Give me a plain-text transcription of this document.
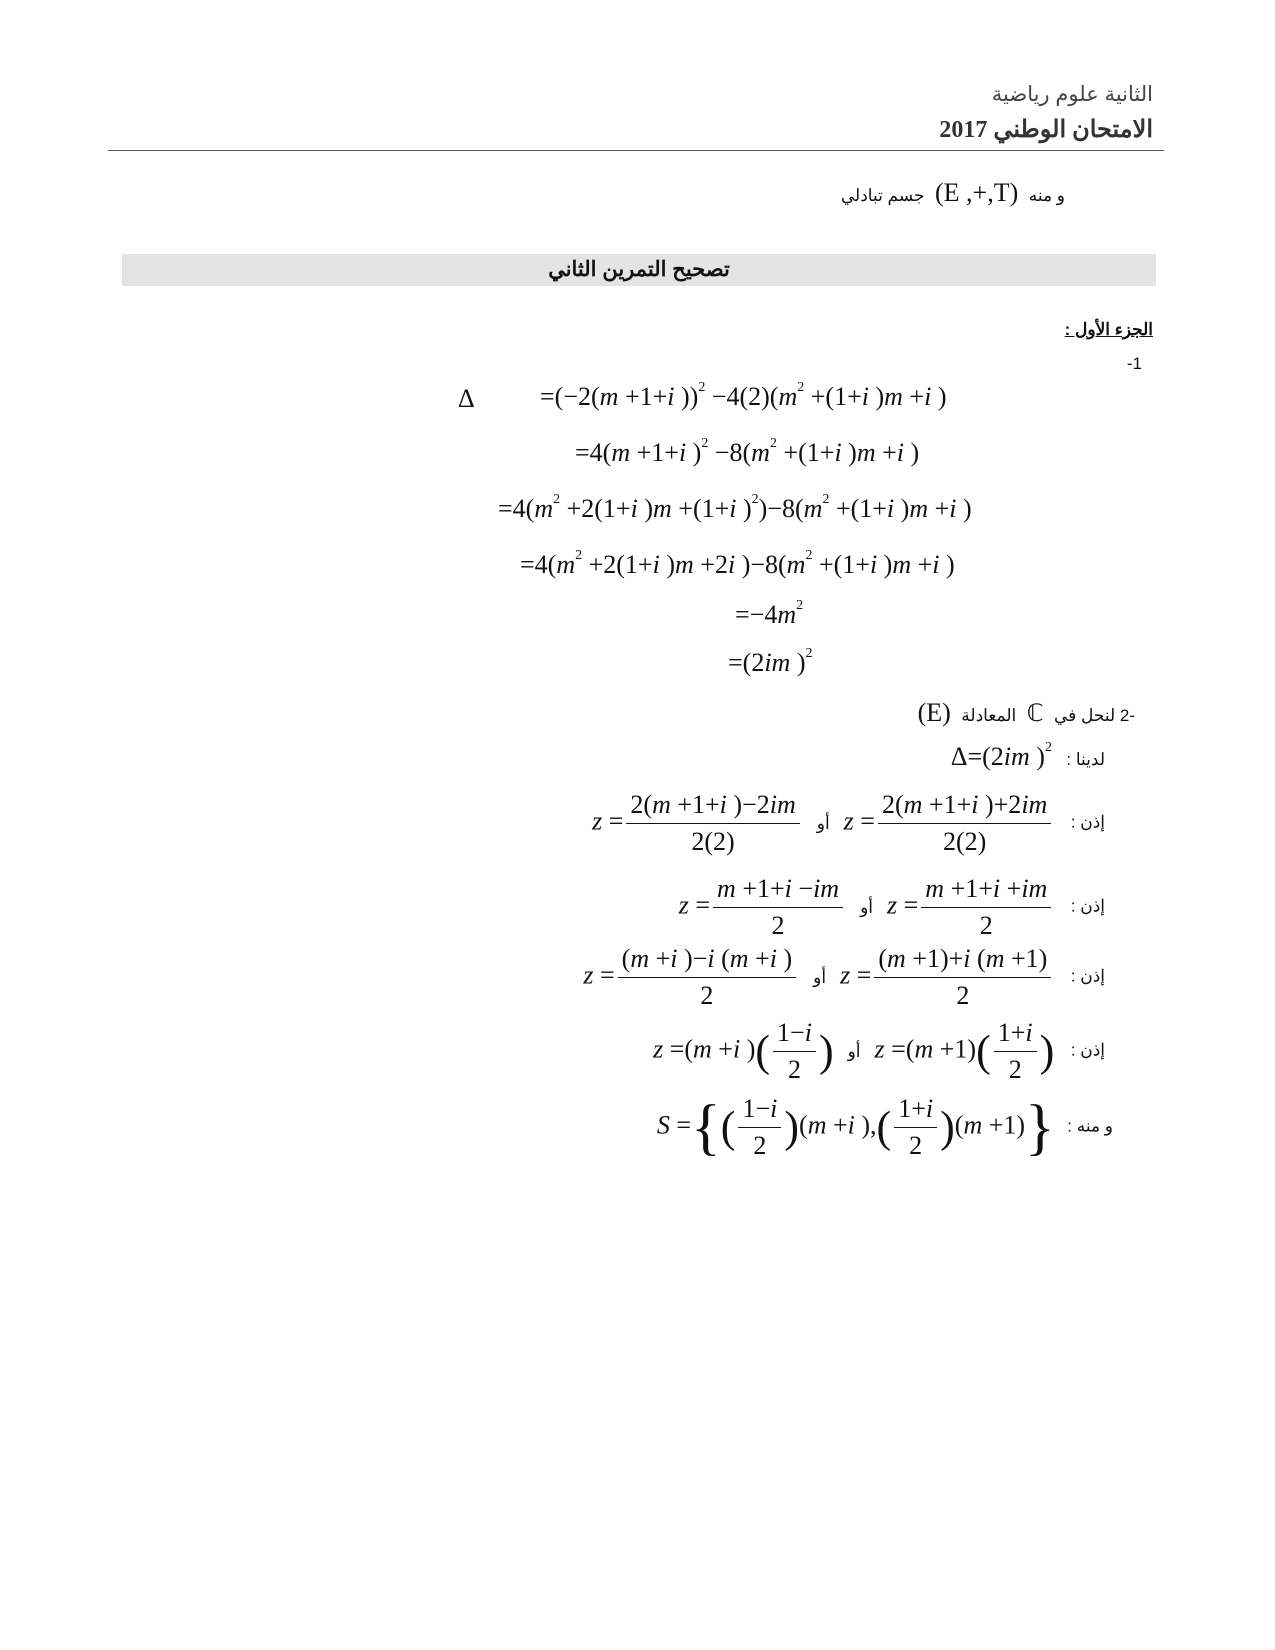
الثانية علوم رياضية
الامتحان الوطني 2017
و منه (E ,+,T) جسم تبادلي
تصحيح التمرين الثاني
الجزء الأول :
-1
Δ	=(−2(m +1+i ))$^2 -4(2)(m^2 +(1+i$ )m +i )
=4(m +1+i )$^2 -8(m^2 +(1+i$ )m +i )
$=4(m^2 +2(1+i$ )m +(1+i )$^2)-8(m^2 +(1+i$ )m +i )
$=4(m^2 +2(1+i$ )m +2i )$-8(m^2 +(1+i$ )m +i )
$=-4m^2$
=(2im )$^2$
-2 لنحل في ℂ المعادلة (E)
لدينا : Δ=(2im )$^2$
إذن : $z = \frac{2(m +1+i )-2im}{2(2)}$ أو $z = \frac{2(m +1+i )+2im}{2(2)}$
إذن : $z = \frac{m +1+i -im}{2}$ أو $z = \frac{m +1+i +im}{2}$
إذن : $z = \frac{(m +i )-i (m +i )}{2}$ أو $z = \frac{(m +1)+i (m +1)}{2}$
إذن : z =(m +i )( $\frac{1-i}{2}$ ) أو $z =(m +1)( \frac{1+i}{2}$ )
و منه : S ={( $\frac{1-i}{2} )(m +i$ ),( $\frac{1+i}{2} )(m +1)$}
